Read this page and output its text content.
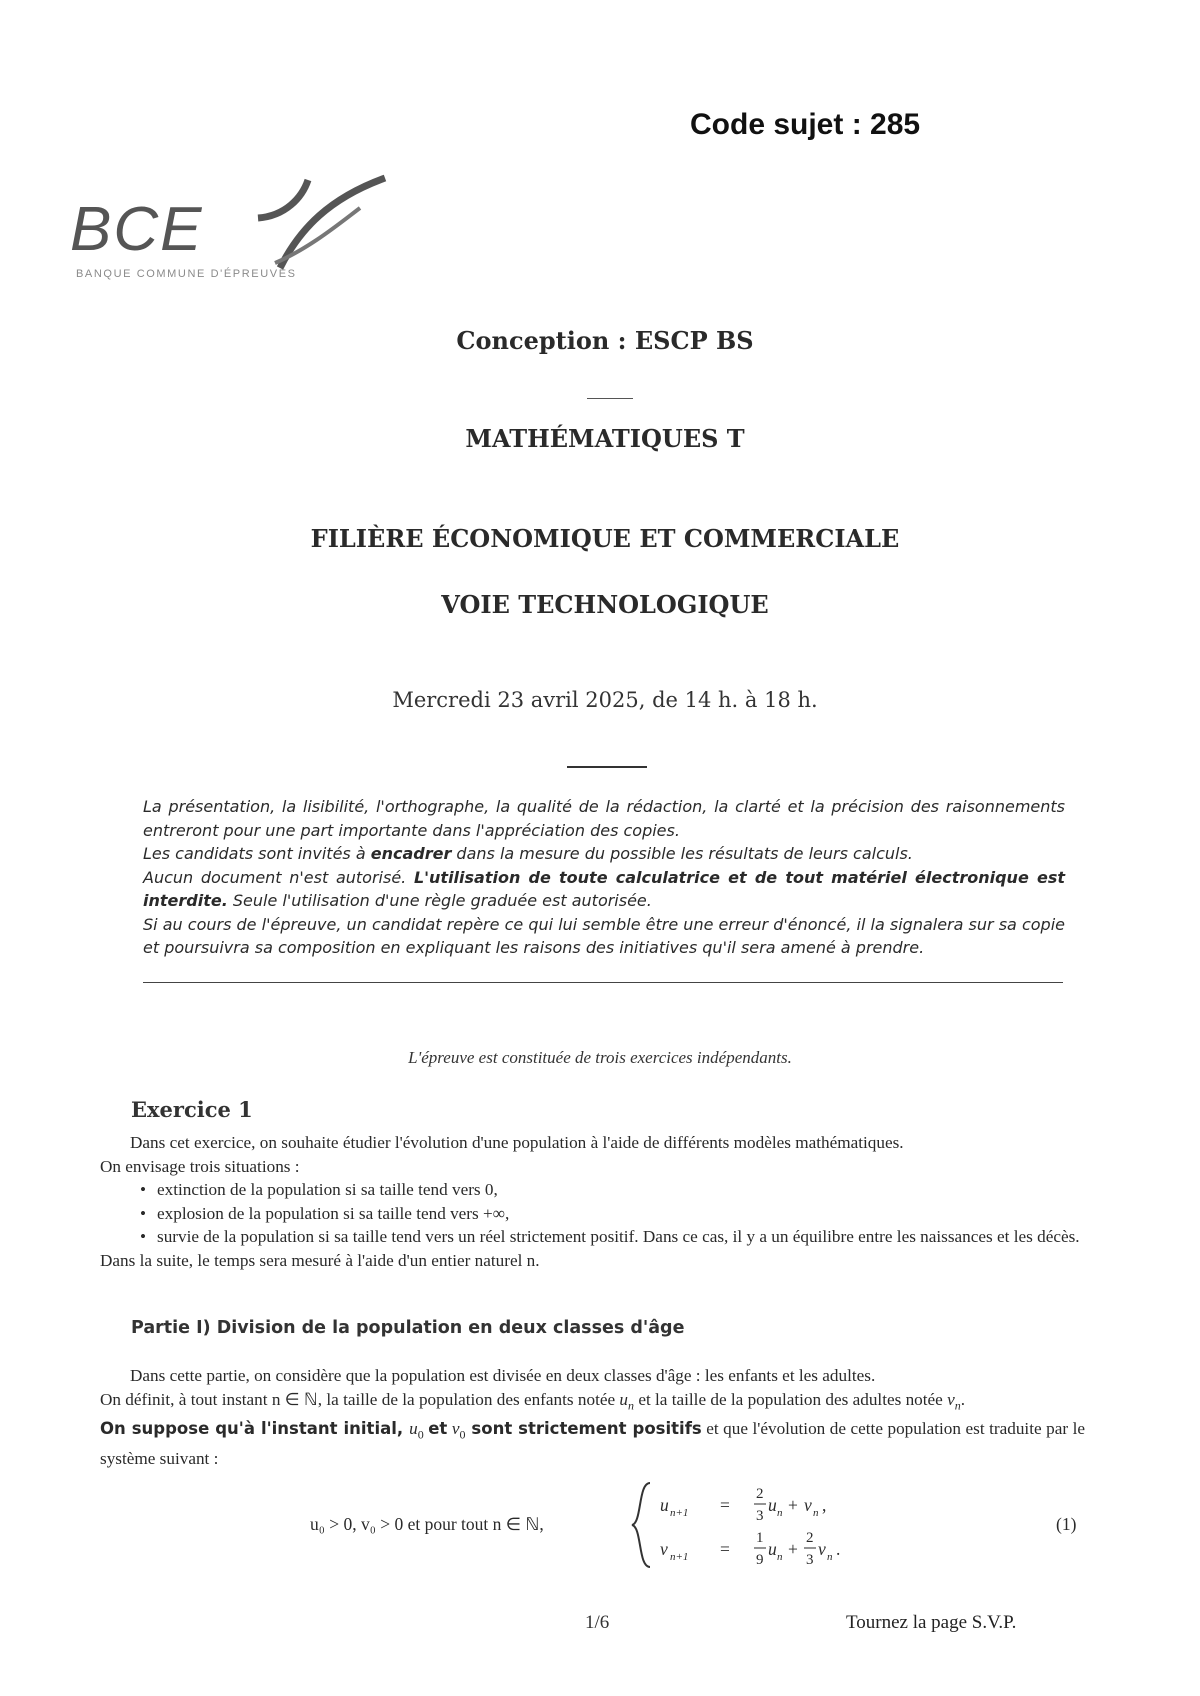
Code sujet : 285
BCE
BANQUE COMMUNE D'ÉPREUVES
Conception : ESCP BS
MATHÉMATIQUES T
FILIÈRE ÉCONOMIQUE ET COMMERCIALE
VOIE TECHNOLOGIQUE
Mercredi 23 avril 2025, de 14 h. à 18 h.

La présentation, la lisibilité, l'orthographe, la qualité de la rédaction, la clarté et la précision des raisonnements entreront pour une part importante dans l'appréciation des copies.

Les candidats sont invités à encadrer dans la mesure du possible les résultats de leurs calculs.

Aucun document n'est autorisé. L'utilisation de toute calculatrice et de tout matériel électronique est interdite. Seule l'utilisation d'une règle graduée est autorisée.

Si au cours de l'épreuve, un candidat repère ce qui lui semble être une erreur d'énoncé, il la signalera sur sa copie et poursuivra sa composition en expliquant les raisons des initiatives qu'il sera amené à prendre.

L'épreuve est constituée de trois exercices indépendants.
Exercice 1

Dans cet exercice, on souhaite étudier l'évolution d'une population à l'aide de différents modèles mathématiques.

On envisage trois situations :

• extinction de la population si sa taille tend vers 0,
• explosion de la population si sa taille tend vers +∞,
• survie de la population si sa taille tend vers un réel strictement positif. Dans ce cas, il y a un équilibre entre les naissances et les décès.

Dans la suite, le temps sera mesuré à l'aide d'un entier naturel n.

Partie I) Division de la population en deux classes d'âge

Dans cette partie, on considère que la population est divisée en deux classes d'âge : les enfants et les adultes.

On définit, à tout instant n ∈ ℕ, la taille de la population des enfants notée $u_n$ et la taille de la population des adultes notée $v_n$.

On suppose qu'à l'instant initial, $u_0$ et $v_0$ sont strictement positifs et que l'évolution de cette population est traduite par le système suivant :

u₀ > 0, v₀ > 0 et pour tout n ∈ ℕ,
u n+1 =
2
3
u n + v n ,
v n+1 =
1
9
u n +
2
3
v n .
(1)
1/6	Tournez la page S.V.P.
